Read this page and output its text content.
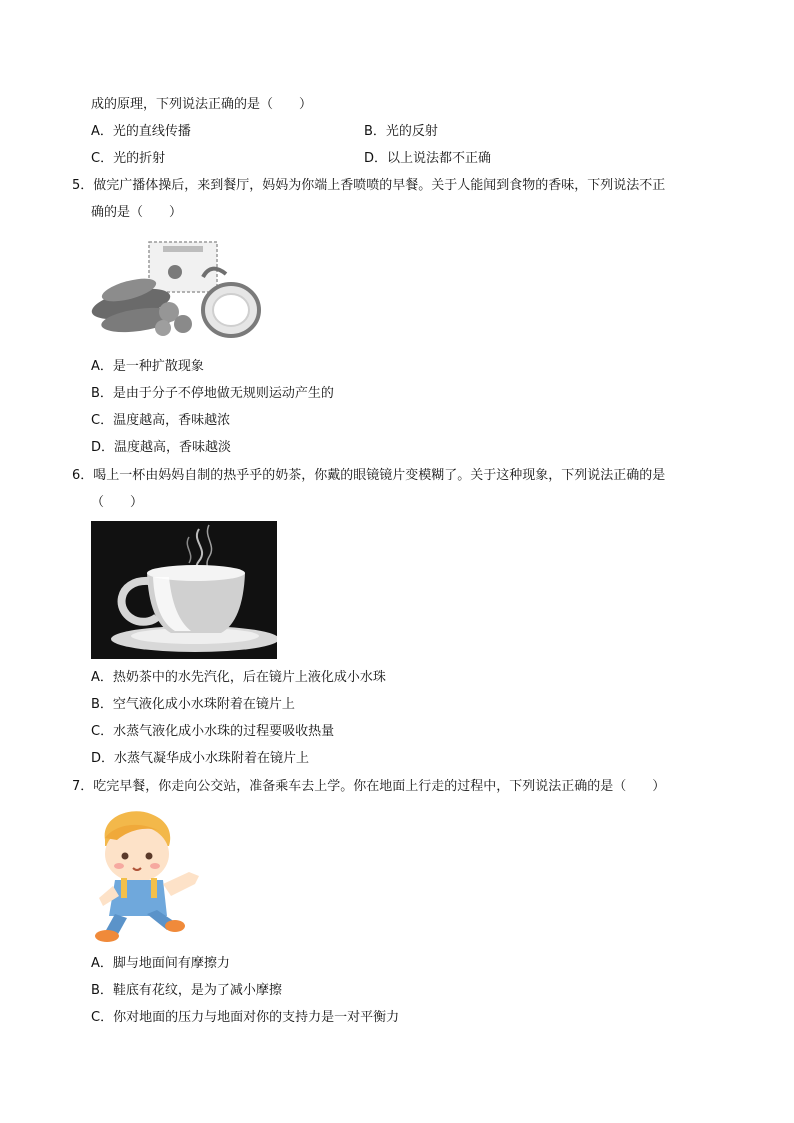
成的原理，下列说法正确的是（　　）
A．光的直线传播	B．光的反射
C．光的折射	D．以上说法都不正确
5．做完广播体操后，来到餐厅，妈妈为你端上香喷喷的早餐。关于人能闻到食物的香味，下列说法不正
确的是（　　）
A．是一种扩散现象
B．是由于分子不停地做无规则运动产生的
C．温度越高，香味越浓
D．温度越高，香味越淡
6．喝上一杯由妈妈自制的热乎乎的奶茶，你戴的眼镜镜片变模糊了。关于这种现象，下列说法正确的是
（　　）
A．热奶茶中的水先汽化，后在镜片上液化成小水珠
B．空气液化成小水珠附着在镜片上
C．水蒸气液化成小水珠的过程要吸收热量
D．水蒸气凝华成小水珠附着在镜片上
7．吃完早餐，你走向公交站，准备乘车去上学。你在地面上行走的过程中，下列说法正确的是（　　）
A．脚与地面间有摩擦力
B．鞋底有花纹，是为了减小摩擦
C．你对地面的压力与地面对你的支持力是一对平衡力
